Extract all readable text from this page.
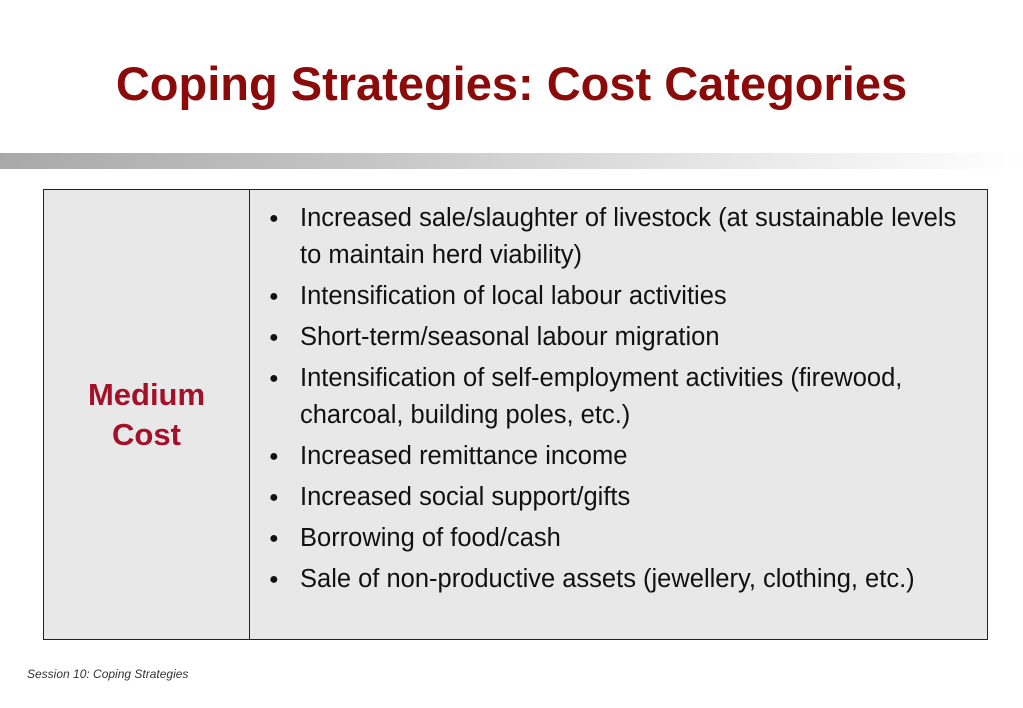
Coping Strategies: Cost Categories
Medium Cost
● Increased sale/slaughter of livestock (at sustainable levels to maintain herd viability)
● Intensification of local labour activities
● Short-term/seasonal labour migration
● Intensification of self-employment activities (firewood, charcoal, building poles, etc.)
● Increased remittance income
● Increased social support/gifts
● Borrowing of food/cash
● Sale of non-productive assets (jewellery, clothing, etc.)
Session 10: Coping Strategies
